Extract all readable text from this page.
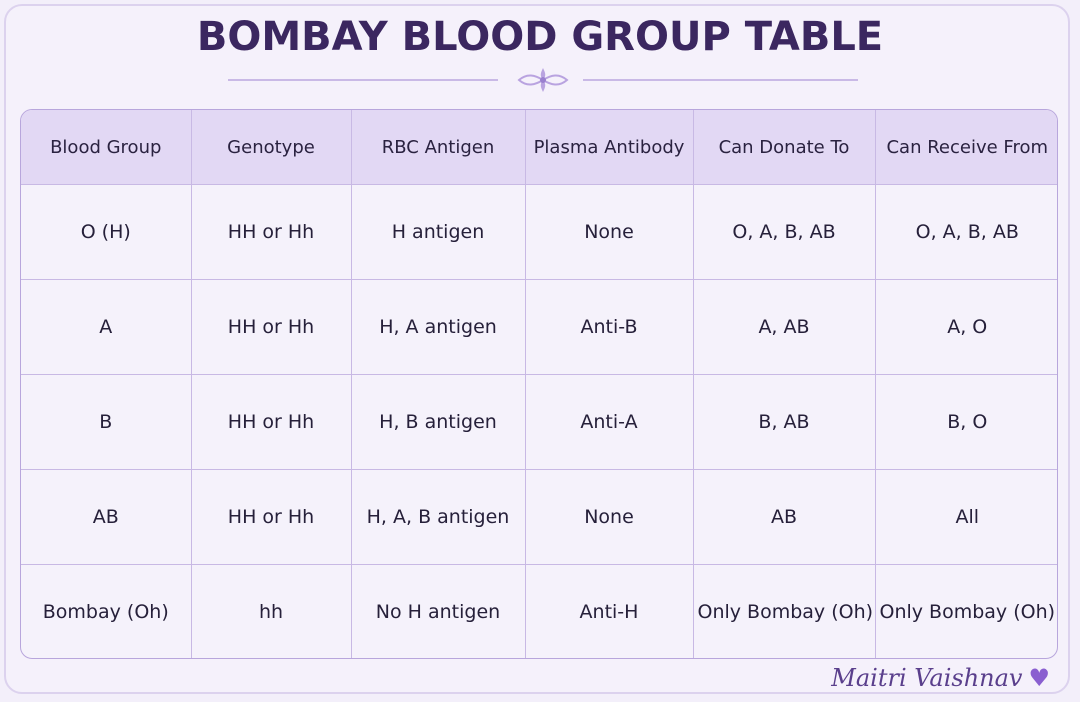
BOMBAY BLOOD GROUP TABLE
Blood Group	Genotype	RBC Antigen	Plasma Antibody	Can Donate To	Can Receive From
O (H)	HH or Hh	H antigen	None	O, A, B, AB	O, A, B, AB
A	HH or Hh	H, A antigen	Anti-B	A, AB	A, O
B	HH or Hh	H, B antigen	Anti-A	B, AB	B, O
AB	HH or Hh	H, A, B antigen	None	AB	All
Bombay (Oh)	hh	No H antigen	Anti-H	Only Bombay (Oh)	Only Bombay (Oh)
Maitri Vaishnav ♥
